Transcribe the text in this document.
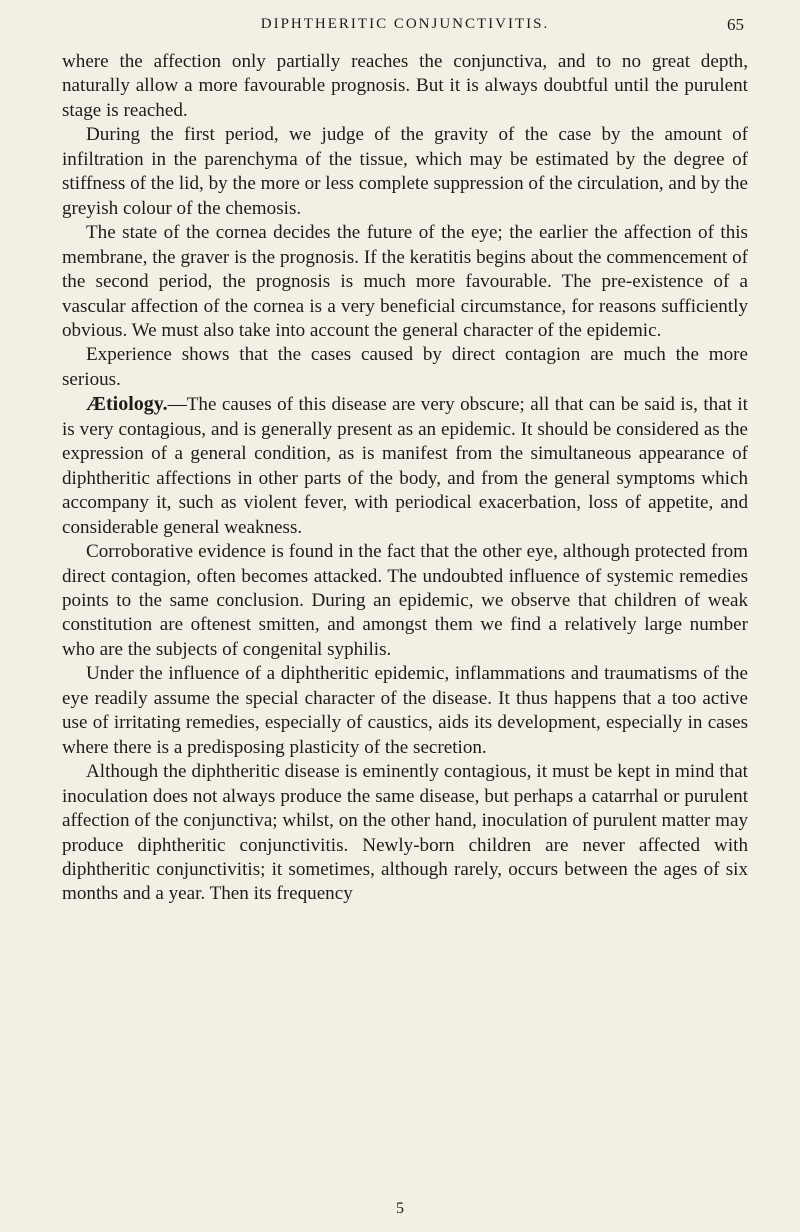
DIPHTHERITIC CONJUNCTIVITIS.	65

where the affection only partially reaches the conjunctiva, and to no great depth, naturally allow a more favourable prognosis. But it is always doubtful until the purulent stage is reached.

During the first period, we judge of the gravity of the case by the amount of infiltration in the parenchyma of the tissue, which may be estimated by the degree of stiffness of the lid, by the more or less complete suppression of the circulation, and by the greyish colour of the chemosis.

The state of the cornea decides the future of the eye; the earlier the affection of this membrane, the graver is the prognosis. If the keratitis begins about the commencement of the second period, the prognosis is much more favourable. The pre-existence of a vascular affection of the cornea is a very beneficial circumstance, for reasons sufficiently obvious. We must also take into account the general character of the epidemic.

Experience shows that the cases caused by direct contagion are much the more serious.

Ætiology.—The causes of this disease are very obscure; all that can be said is, that it is very contagious, and is generally present as an epidemic. It should be considered as the expression of a general condition, as is manifest from the simultaneous appearance of diphtheritic affections in other parts of the body, and from the general symptoms which accompany it, such as violent fever, with periodical exacerbation, loss of appetite, and considerable general weakness.

Corroborative evidence is found in the fact that the other eye, although protected from direct contagion, often becomes attacked. The undoubted influence of systemic remedies points to the same conclusion. During an epidemic, we observe that children of weak constitution are oftenest smitten, and amongst them we find a relatively large number who are the subjects of congenital syphilis.

Under the influence of a diphtheritic epidemic, inflammations and traumatisms of the eye readily assume the special character of the disease. It thus happens that a too active use of irritating remedies, especially of caustics, aids its development, especially in cases where there is a predisposing plasticity of the secretion.

Although the diphtheritic disease is eminently contagious, it must be kept in mind that inoculation does not always produce the same disease, but perhaps a catarrhal or purulent affection of the conjunctiva; whilst, on the other hand, inoculation of purulent matter may produce diphtheritic conjunctivitis. Newly-born children are never affected with diphtheritic conjunctivitis; it sometimes, although rarely, occurs between the ages of six months and a year. Then its frequency

5
